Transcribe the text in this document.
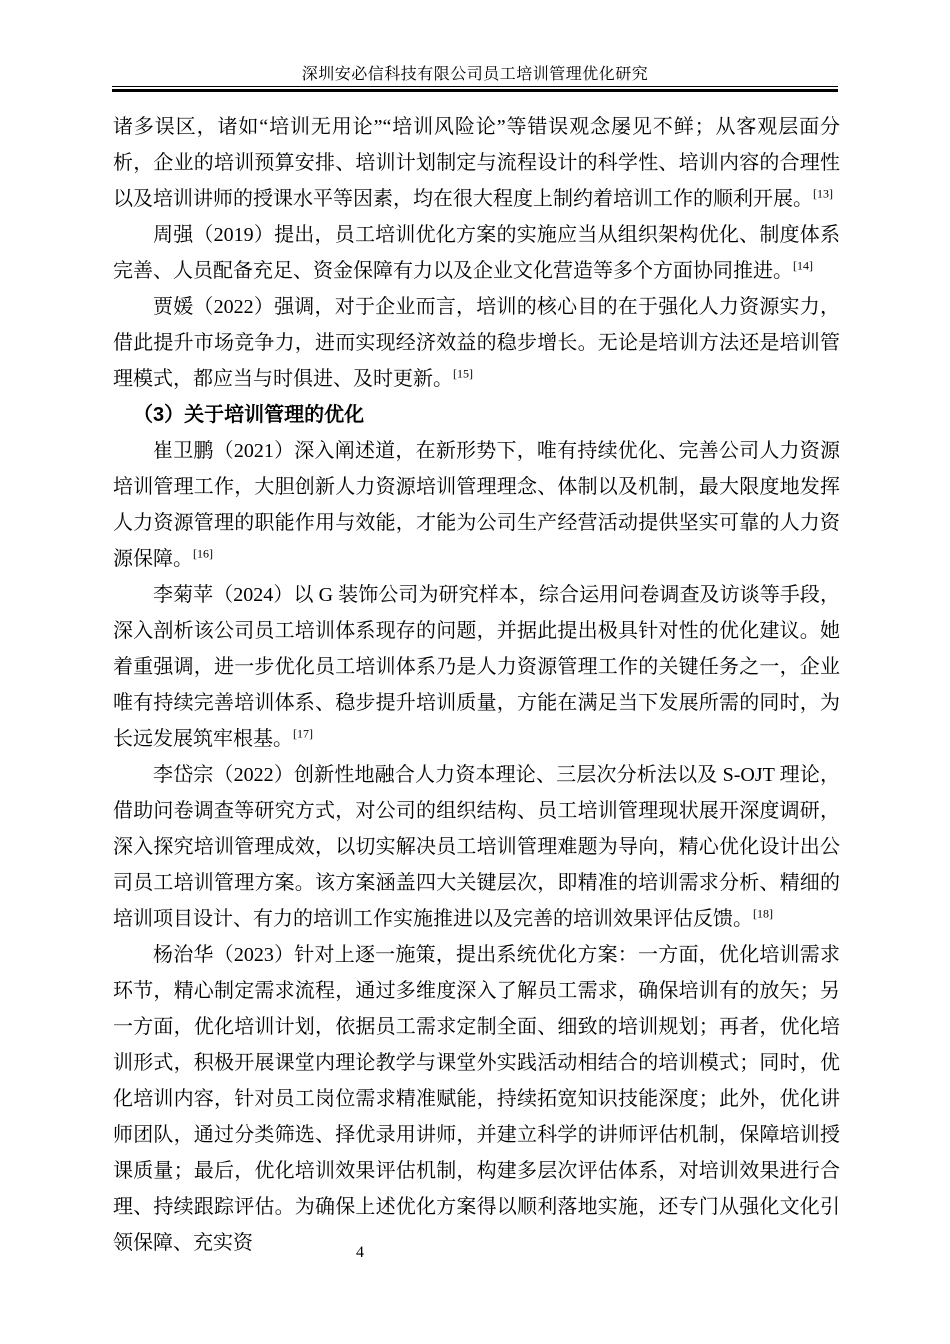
深圳安必信科技有限公司员工培训管理优化研究

诸多误区，诸如“培训无用论”“培训风险论”等错误观念屡见不鲜；从客观层面分析，企业的培训预算安排、培训计划制定与流程设计的科学性、培训内容的合理性以及培训讲师的授课水平等因素，均在很大程度上制约着培训工作的顺利开展。[13]

周强（2019）提出，员工培训优化方案的实施应当从组织架构优化、制度体系完善、人员配备充足、资金保障有力以及企业文化营造等多个方面协同推进。[14]

贾媛（2022）强调，对于企业而言，培训的核心目的在于强化人力资源实力，借此提升市场竞争力，进而实现经济效益的稳步增长。无论是培训方法还是培训管理模式，都应当与时俱进、及时更新。[15]

（3）关于培训管理的优化

崔卫鹏（2021）深入阐述道，在新形势下，唯有持续优化、完善公司人力资源培训管理工作，大胆创新人力资源培训管理理念、体制以及机制，最大限度地发挥人力资源管理的职能作用与效能，才能为公司生产经营活动提供坚实可靠的人力资源保障。[16]

李菊苹（2024）以 G 装饰公司为研究样本，综合运用问卷调查及访谈等手段，深入剖析该公司员工培训体系现存的问题，并据此提出极具针对性的优化建议。她着重强调，进一步优化员工培训体系乃是人力资源管理工作的关键任务之一，企业唯有持续完善培训体系、稳步提升培训质量，方能在满足当下发展所需的同时，为长远发展筑牢根基。[17]

李岱宗（2022）创新性地融合人力资本理论、三层次分析法以及 S-OJT 理论，借助问卷调查等研究方式，对公司的组织结构、员工培训管理现状展开深度调研，深入探究培训管理成效，以切实解决员工培训管理难题为导向，精心优化设计出公司员工培训管理方案。该方案涵盖四大关键层次，即精准的培训需求分析、精细的培训项目设计、有力的培训工作实施推进以及完善的培训效果评估反馈。[18]

杨治华（2023）针对上逐一施策，提出系统优化方案：一方面，优化培训需求环节，精心制定需求流程，通过多维度深入了解员工需求，确保培训有的放矢；另一方面，优化培训计划，依据员工需求定制全面、细致的培训规划；再者，优化培训形式，积极开展课堂内理论教学与课堂外实践活动相结合的培训模式；同时，优化培训内容，针对员工岗位需求精准赋能，持续拓宽知识技能深度；此外，优化讲师团队，通过分类筛选、择优录用讲师，并建立科学的讲师评估机制，保障培训授课质量；最后，优化培训效果评估机制，构建多层次评估体系，对培训效果进行合理、持续跟踪评估。为确保上述优化方案得以顺利落地实施，还专门从强化文化引领保障、充实资	4
